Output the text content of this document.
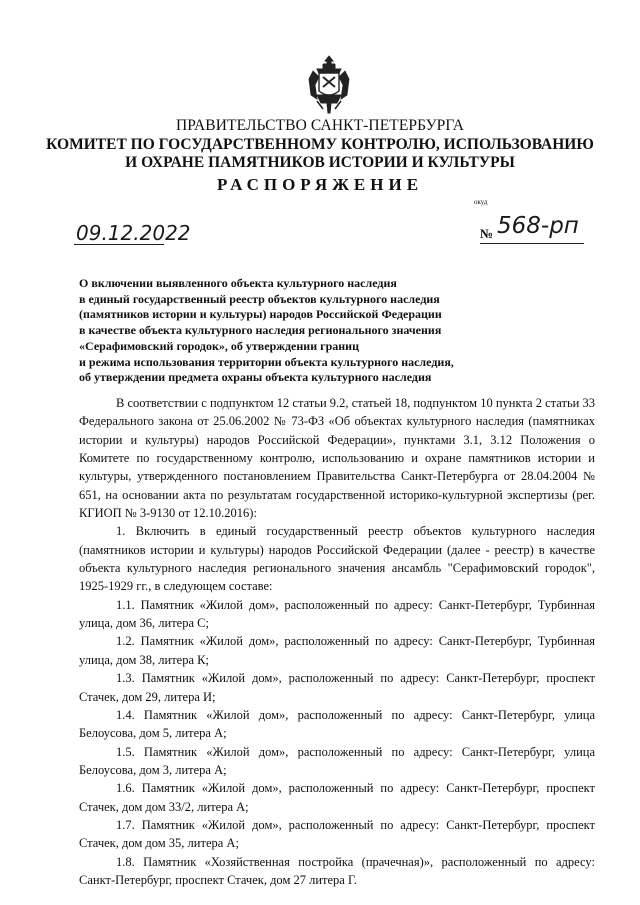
ПРАВИТЕЛЬСТВО САНКТ-ПЕТЕРБУРГА
КОМИТЕТ ПО ГОСУДАРСТВЕННОМУ КОНТРОЛЮ, ИСПОЛЬЗОВАНИЮ
И ОХРАНЕ ПАМЯТНИКОВ ИСТОРИИ И КУЛЬТУРЫ
РАСПОРЯЖЕНИЕ
окуд
09.12.2022	№ 568-рп
О включении выявленного объекта культурного наследия
в единый государственный реестр объектов культурного наследия
(памятников истории и культуры) народов Российской Федерации
в качестве объекта культурного наследия регионального значения
«Серафимовский городок», об утверждении границ
и режима использования территории объекта культурного наследия,
об утверждении предмета охраны объекта культурного наследия

В соответствии с подпунктом 12 статьи 9.2, статьей 18, подпунктом 10 пункта 2 статьи 33 Федерального закона от 25.06.2002 № 73-ФЗ «Об объектах культурного наследия (памятниках истории и культуры) народов Российской Федерации», пунктами 3.1, 3.12 Положения о Комитете по государственному контролю, использованию и охране памятников истории и культуры, утвержденного постановлением Правительства Санкт-Петербурга от 28.04.2004 № 651, на основании акта по результатам государственной историко-культурной экспертизы (рег. КГИОП № 3-9130 от 12.10.2016):

1. Включить в единый государственный реестр объектов культурного наследия (памятников истории и культуры) народов Российской Федерации (далее - реестр) в качестве объекта культурного наследия регионального значения ансамбль "Серафимовский городок", 1925-1929 гг., в следующем составе:

1.1. Памятник «Жилой дом», расположенный по адресу: Санкт-Петербург, Турбинная улица, дом 36, литера С;

1.2. Памятник «Жилой дом», расположенный по адресу: Санкт-Петербург, Турбинная улица, дом 38, литера К;

1.3. Памятник «Жилой дом», расположенный по адресу: Санкт-Петербург, проспект Стачек, дом 29, литера И;

1.4. Памятник «Жилой дом», расположенный по адресу: Санкт-Петербург, улица Белоусова, дом 5, литера А;

1.5. Памятник «Жилой дом», расположенный по адресу: Санкт-Петербург, улица Белоусова, дом 3, литера А;

1.6. Памятник «Жилой дом», расположенный по адресу: Санкт-Петербург, проспект Стачек, дом дом 33/2, литера А;

1.7. Памятник «Жилой дом», расположенный по адресу: Санкт-Петербург, проспект Стачек, дом дом 35, литера А;

1.8. Памятник «Хозяйственная постройка (прачечная)», расположенный по адресу: Санкт-Петербург, проспект Стачек, дом 27 литера Г.
